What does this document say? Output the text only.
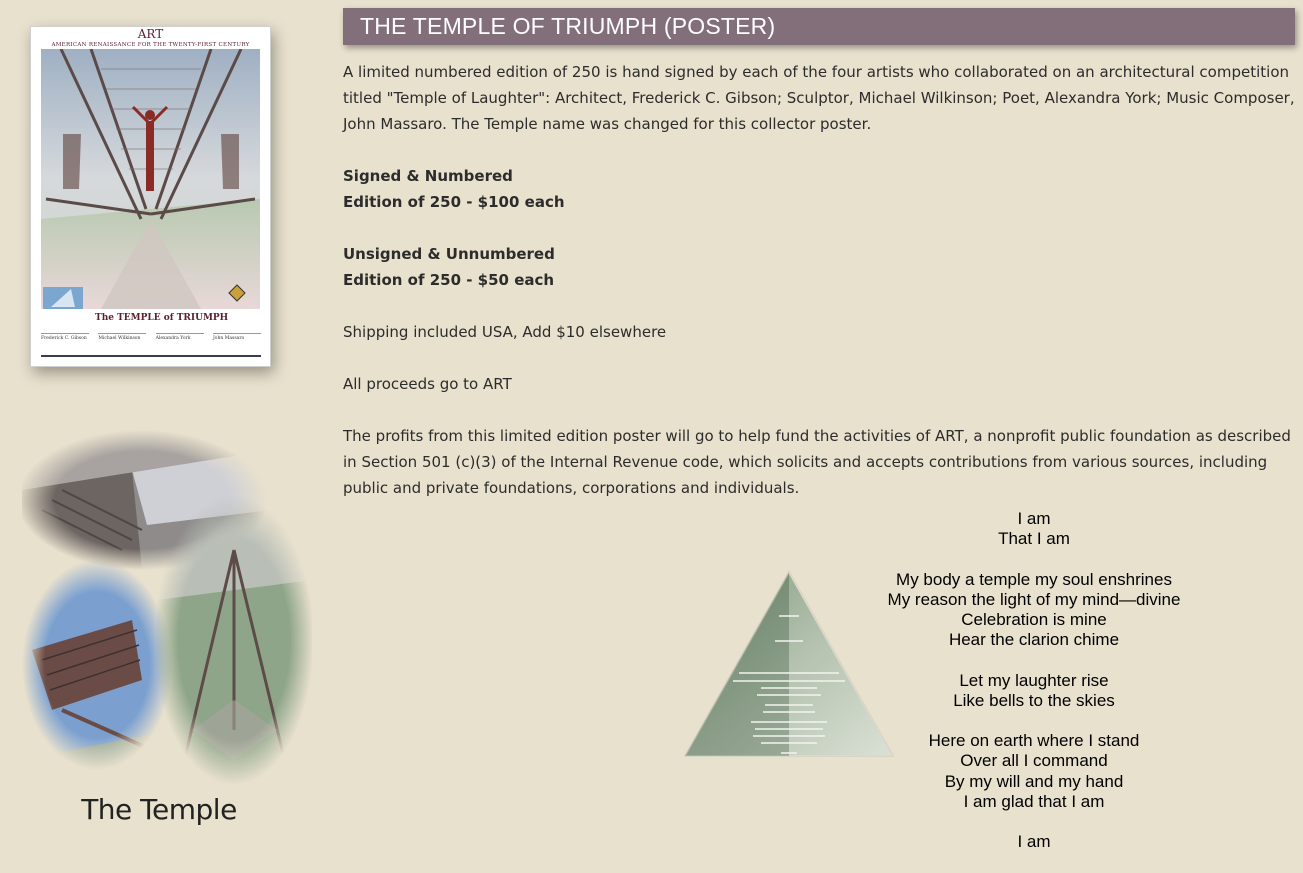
ART
AMERICAN RENAISSANCE FOR THE TWENTY-FIRST CENTURY
The TEMPLE of TRIUMPH
Frederick C. Gibson	Michael Wilkinson	Alexandra York	John Massaro
The Temple
THE TEMPLE OF TRIUMPH (POSTER)

A limited numbered edition of 250 is hand signed by each of the four artists who collaborated on an architectural competition titled "Temple of Laughter": Architect, Frederick C. Gibson; Sculptor, Michael Wilkinson; Poet, Alexandra York; Music Composer, John Massaro. The Temple name was changed for this collector poster.

Signed & Numbered
Edition of 250 - $100 each

Unsigned & Unnumbered
Edition of 250 - $50 each

Shipping included USA, Add $10 elsewhere

All proceeds go to ART

The profits from this limited edition poster will go to help fund the activities of ART, a nonprofit public foundation as described in Section 501 (c)(3) of the Internal Revenue code, which solicits and accepts contributions from various sources, including public and private foundations, corporations and individuals.

I am
That I am
My body a temple my soul enshrines
My reason the light of my mind—divine
Celebration is mine
Hear the clarion chime
Let my laughter rise
Like bells to the skies
Here on earth where I stand
Over all I command
By my will and my hand
I am glad that I am
I am
